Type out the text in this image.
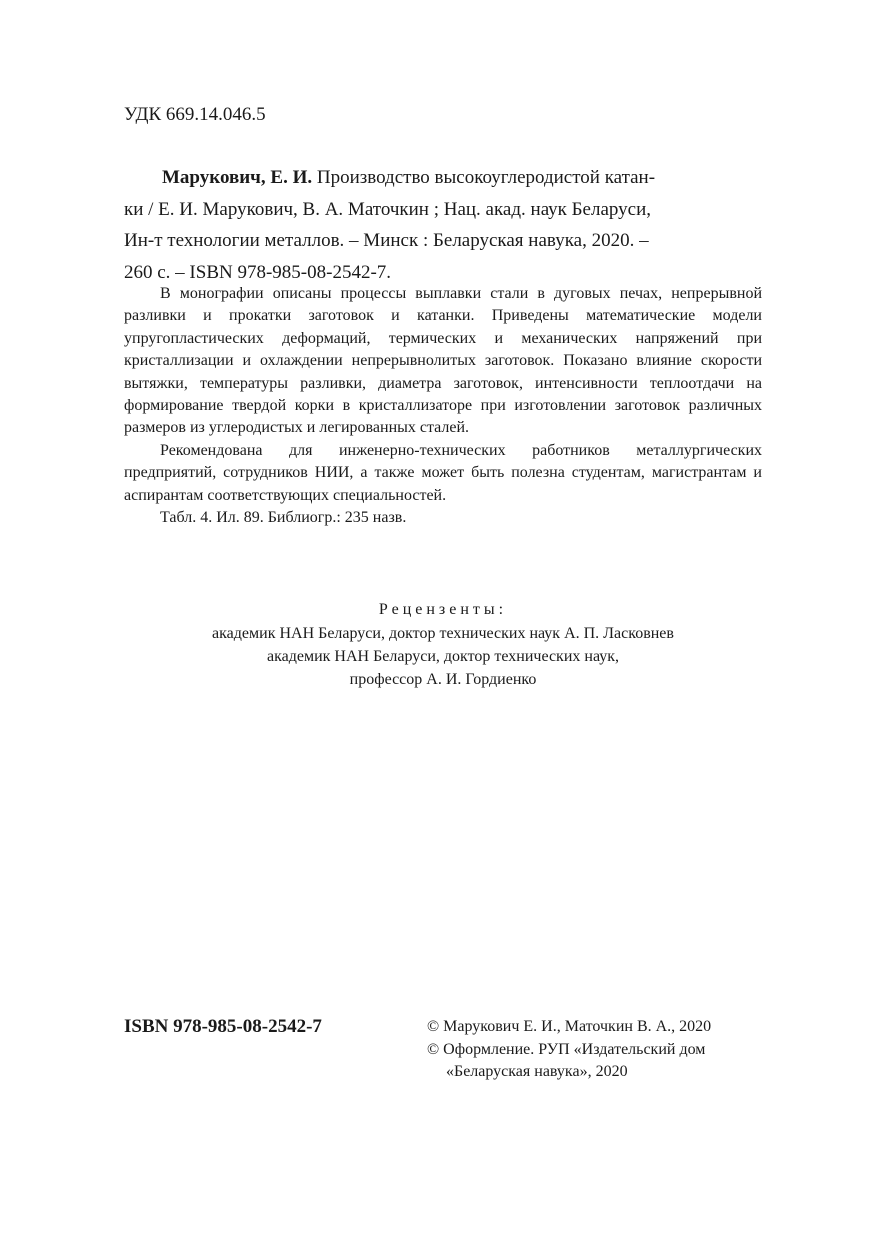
УДК 669.14.046.5
Марукович, Е. И. Производство высокоуглеродистой катан-
ки / Е. И. Марукович, В. А. Маточкин ; Нац. акад. наук Беларуси,
Ин-т технологии металлов. – Минск : Беларуская навука, 2020. –
260 с. – ISBN 978-985-08-2542-7.

В монографии описаны процессы выплавки стали в дуговых печах, непрерывной разливки и прокатки заготовок и катанки. Приведены математические модели упругопластических деформаций, термических и механических напряжений при кристаллизации и охлаждении непрерывнолитых заготовок. Показано влияние скорости вытяжки, температуры разливки, диаметра заготовок, интенсивности теплоотдачи на формирование твердой корки в кристаллизаторе при изготовлении заготовок различных размеров из углеродистых и легированных сталей.

Рекомендована для инженерно-технических работников металлургических предприятий, сотрудников НИИ, а также может быть полезна студентам, магистрантам и аспирантам соответствующих специальностей.

Табл. 4. Ил. 89. Библиогр.: 235 назв.

Рецензенты:
академик НАН Беларуси, доктор технических наук А. П. Ласковнев
академик НАН Беларуси, доктор технических наук,
профессор А. И. Гордиенко
ISBN 978-985-08-2542-7	© Марукович Е. И., Маточкин В. А., 2020
© Оформление. РУП «Издательский дом
«Беларуская навука», 2020
